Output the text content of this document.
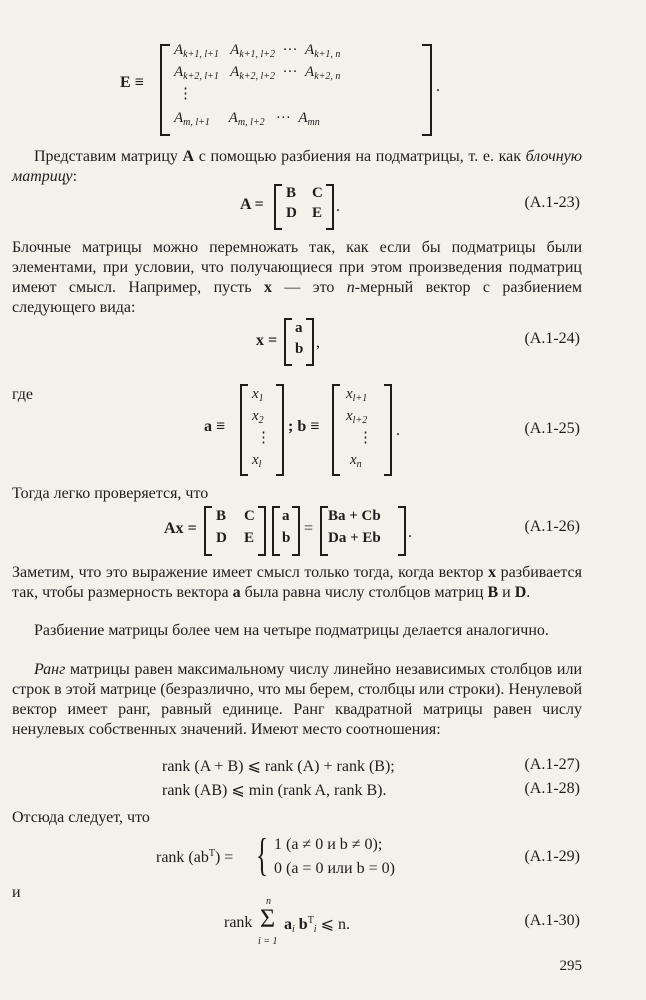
E ≡
$A_{k+1, l+1}$ $A_{k+1, l+2}$ ··· $A_{k+1, n}$
$A_{k+2, l+1}$ $A_{k+2, l+2}$ ··· $A_{k+2, n}$
⋮
$A_{m, l+1}$ $A_{m, l+2}$ ··· $A_{mn}$
.
Представим матрицу A с помощью разбиения на подматрицы, т. е. как блочную матрицу:
A =
B C
D E .	(A.1-23)
Блочные матрицы можно перемножать так, как если бы подматрицы были элементами, при условии, что получающиеся при этом произведения подматриц имеют смысл. Например, пусть x — это n-мерный вектор с разбиением следующего вида:
x =
a
b ,	(A.1-24)
где
a ≡
$x_1$
$x_2$
⋮
$x_l$
; b ≡
$x_{l+1}$
$x_{l+2}$
⋮
$x_n$
.	(A.1-25)
Тогда легко проверяется, что
Ax =
B C
D E
a
b
=
Ba + Cb
Da + Eb .	(A.1-26)
Заметим, что это выражение имеет смысл только тогда, когда вектор x разбивается так, чтобы размерность вектора a была равна числу столбцов матриц B и D.
Разбиение матрицы более чем на четыре подматрицы делается аналогично.
Ранг матрицы равен максимальному числу линейно независимых столбцов или строк в этой матрице (безразлично, что мы берем, столбцы или строки). Ненулевой вектор имеет ранг, равный единице. Ранг квадратной матрицы равен числу ненулевых собственных значений. Имеют место соотношения:
rank (A + B) ⩽ rank (A) + rank (B);	(A.1-27)
rank (AB) ⩽ min (rank A, rank B).	(A.1-28)
Отсюда следует, что
rank $(ab^T)$ = { 1 (a ≠ 0 и b ≠ 0);
0 (a = 0 или b = 0)
(A.1-29)
и
rank
n
Σ
i = 1
$a_i$ $b^T_i$ ⩽ n.	(A.1-30)
295
